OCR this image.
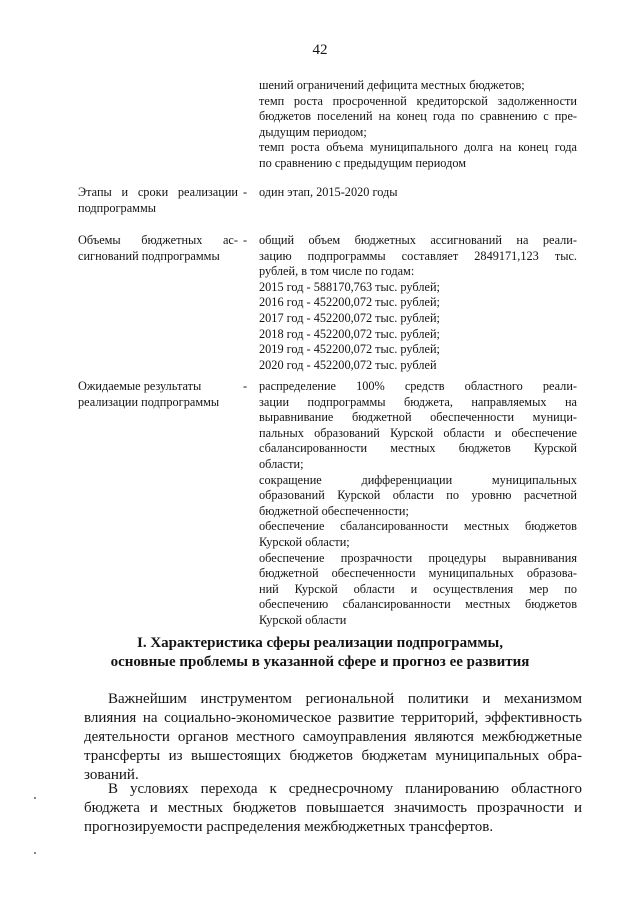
42
шений ограничений дефицита местных бюджетов;
темп роста просроченной кредиторской задолженности
бюджетов поселений на конец года по сравнению с пре-
дыдущим периодом;
темп роста объема муниципального долга на конец года
по сравнению с предыдущим периодом
Этапы и сроки реализации
подпрограммы
- один этап, 2015-2020 годы
Объемы бюджетных ас-
сигнований подпрограммы
- общий объем бюджетных ассигнований на реали-
зацию подпрограммы составляет 2849171,123 тыс.
рублей, в том числе по годам:
2015 год - 588170,763 тыс. рублей;
2016 год - 452200,072 тыс. рублей;
2017 год - 452200,072 тыс. рублей;
2018 год - 452200,072 тыс. рублей;
2019 год - 452200,072 тыс. рублей;
2020 год - 452200,072 тыс. рублей
Ожидаемые результаты
реализации подпрограммы
- распределение 100% средств областного реали-
зации подпрограммы бюджета, направляемых на
выравнивание бюджетной обеспеченности муници-
пальных образований Курской области и обеспечение
сбалансированности местных бюджетов Курской
области;
сокращение дифференциации муниципальных
образований Курской области по уровню расчетной
бюджетной обеспеченности;
обеспечение сбалансированности местных бюджетов
Курской области;
обеспечение прозрачности процедуры выравнивания
бюджетной обеспеченности муниципальных образова-
ний Курской области и осуществления мер по
обеспечению сбалансированности местных бюджетов
Курской области
I. Характеристика сферы реализации подпрограммы,
основные проблемы в указанной сфере и прогноз ее развития
Важнейшим инструментом региональной политики и механизмом
влияния на социально-экономическое развитие территорий, эффективность
деятельности органов местного самоуправления являются межбюджетные
трансферты из вышестоящих бюджетов бюджетам муниципальных обра-
зований.
В условиях перехода к среднесрочному планированию областного
бюджета и местных бюджетов повышается значимость прозрачности и
прогнозируемости распределения межбюджетных трансфертов.
